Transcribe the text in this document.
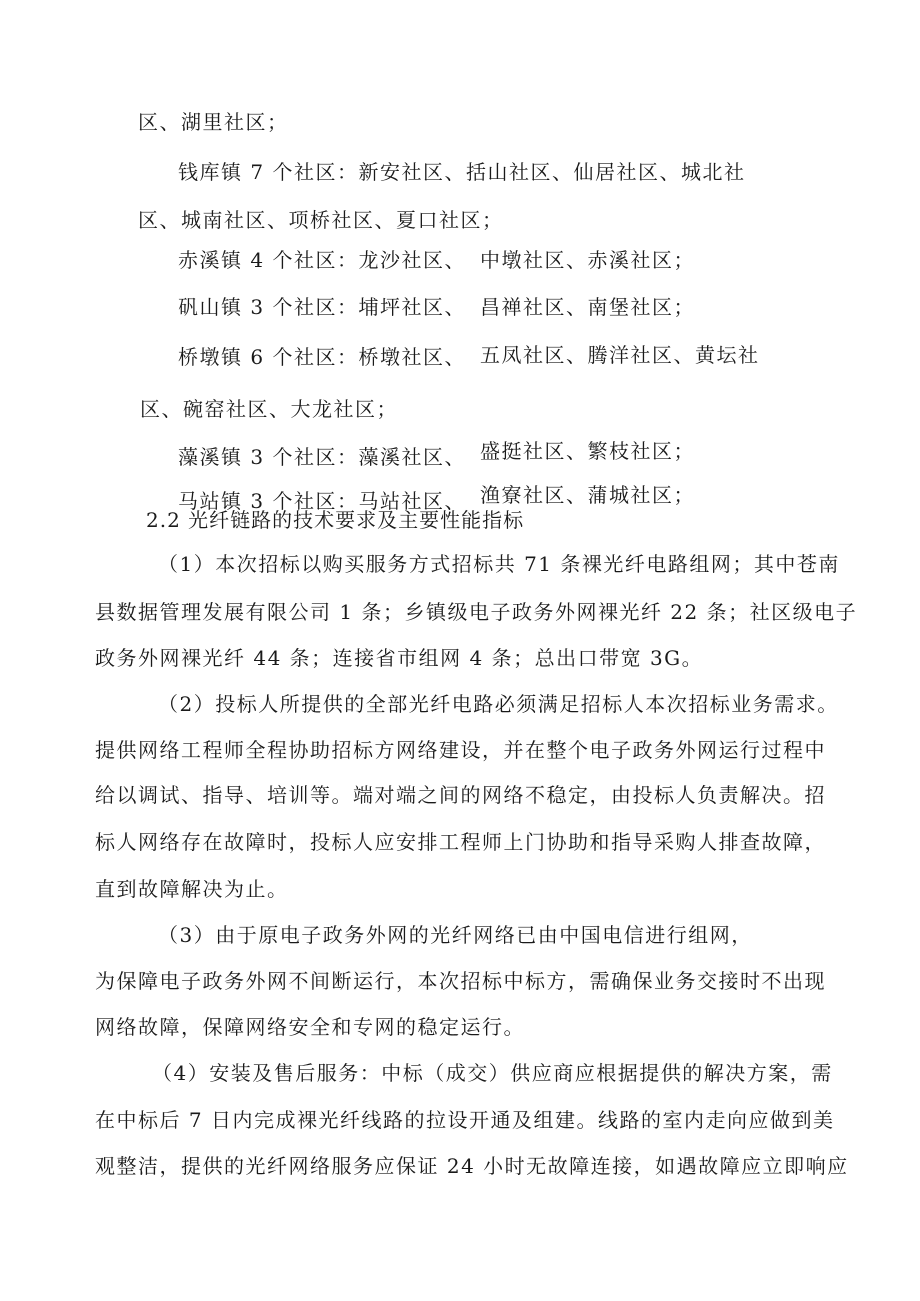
区、湖里社区；
钱库镇 7 个社区：新安社区、括山社区、仙居社区、城北社
区、城南社区、项桥社区、夏口社区；
赤溪镇 4 个社区：龙沙社区、 中墩社区、赤溪社区；
矾山镇 3 个社区：埔坪社区、 昌禅社区、南堡社区；
桥墩镇 6 个社区：桥墩社区、 五凤社区、腾洋社区、黄坛社
区、碗窑社区、大龙社区；
藻溪镇 3 个社区：藻溪社区、 盛挺社区、繁枝社区；
马站镇 3 个社区：马站社区、 渔寮社区、蒲城社区；
2.2 光纤链路的技术要求及主要性能指标
（1）本次招标以购买服务方式招标共 71 条裸光纤电路组网；其中苍南
县数据管理发展有限公司 1 条；乡镇级电子政务外网裸光纤 22 条；社区级电子
政务外网裸光纤 44 条；连接省市组网 4 条；总出口带宽 3G。
（2）投标人所提供的全部光纤电路必须满足招标人本次招标业务需求。
提供网络工程师全程协助招标方网络建设，并在整个电子政务外网运行过程中
给以调试、指导、培训等。端对端之间的网络不稳定，由投标人负责解决。招
标人网络存在故障时，投标人应安排工程师上门协助和指导采购人排查故障，
直到故障解决为止。
（3）由于原电子政务外网的光纤网络已由中国电信进行组网，
为保障电子政务外网不间断运行，本次招标中标方，需确保业务交接时不出现
网络故障，保障网络安全和专网的稳定运行。
（4）安装及售后服务：中标（成交）供应商应根据提供的解决方案，需
在中标后 7 日内完成裸光纤线路的拉设开通及组建。线路的室内走向应做到美
观整洁，提供的光纤网络服务应保证 24 小时无故障连接，如遇故障应立即响应
